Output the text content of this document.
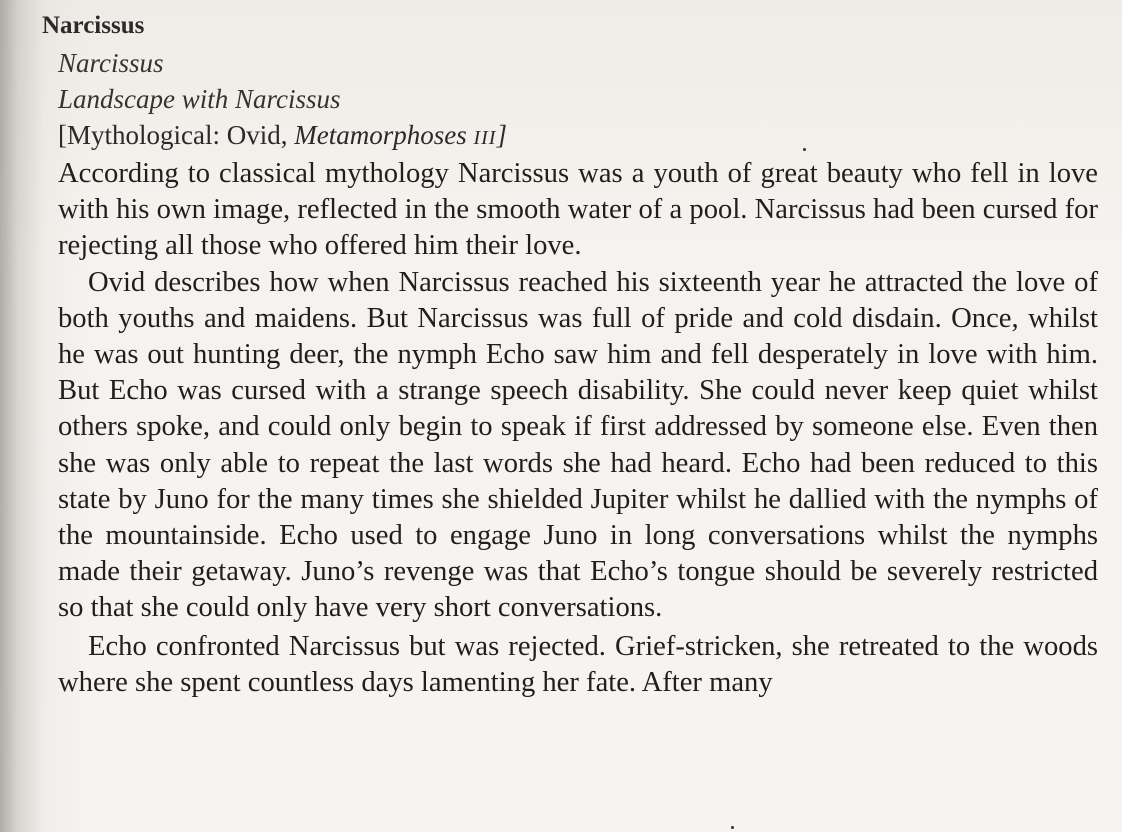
Narcissus
Narcissus
Landscape with Narcissus
[Mythological: Ovid, Metamorphoses III]

According to classical mythology Narcissus was a youth of great beauty who fell in love with his own image, reflected in the smooth water of a pool. Narcissus had been cursed for rejecting all those who offered him their love.

Ovid describes how when Narcissus reached his sixteenth year he attracted the love of both youths and maidens. But Narcissus was full of pride and cold disdain. Once, whilst he was out hunting deer, the nymph Echo saw him and fell desperately in love with him. But Echo was cursed with a strange speech disability. She could never keep quiet whilst others spoke, and could only begin to speak if first addressed by someone else. Even then she was only able to repeat the last words she had heard. Echo had been reduced to this state by Juno for the many times she shielded Jupiter whilst he dallied with the nymphs of the mountainside. Echo used to engage Juno in long conversations whilst the nymphs made their getaway. Juno’s revenge was that Echo’s tongue should be severely restricted so that she could only have very short conversations.

Echo confronted Narcissus but was rejected. Grief-stricken, she retreated to the woods where she spent countless days lamenting her fate. After many
